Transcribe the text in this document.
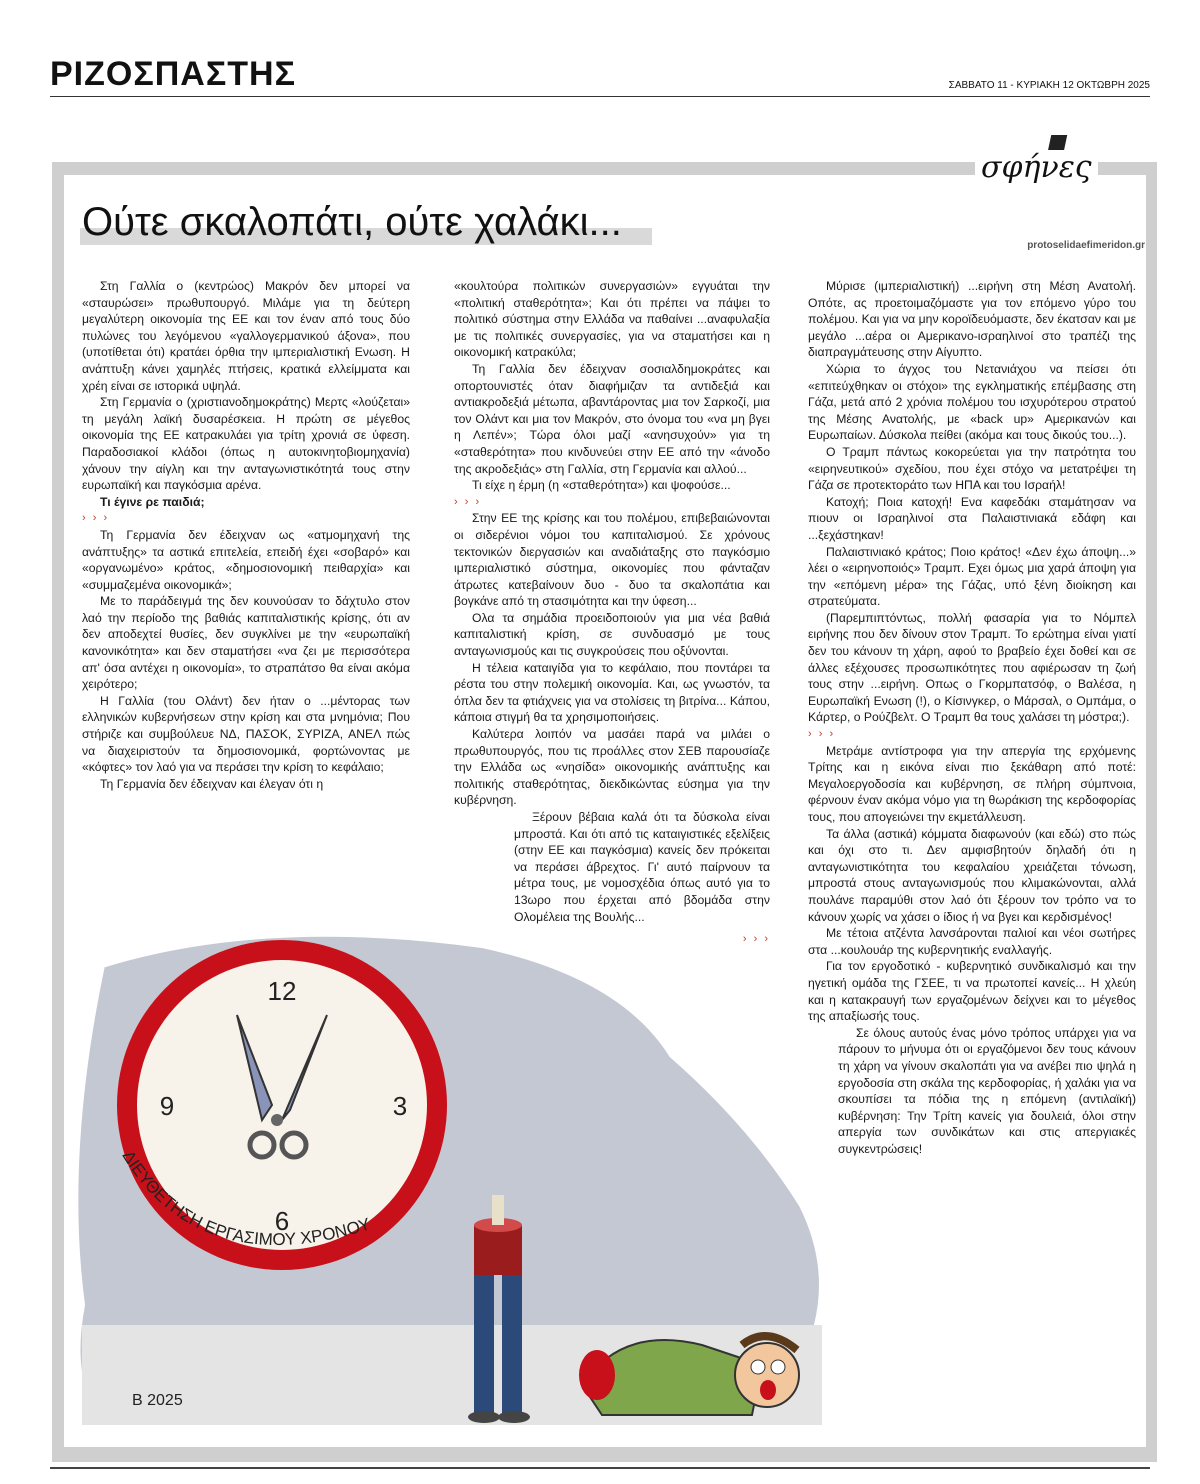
ΡΙΖΟΣΠΑΣΤΗΣ	ΣΑΒΒΑΤΟ 11 - ΚΥΡΙΑΚΗ 12 ΟΚΤΩΒΡΗ 2025
σφήνες
Ούτε σκαλοπάτι, ούτε χαλάκι...
protoselidaefimeridon.gr

Στη Γαλλία ο (κεντρώος) Μακρόν δεν μπορεί να «σταυρώσει» πρωθυπουργό. Μιλάμε για τη δεύτερη μεγαλύτερη οικονομία της ΕΕ και τον έναν από τους δύο πυλώνες του λεγόμενου «γαλλογερμανικού άξονα», που (υποτίθεται ότι) κρατάει όρθια την ιμπεριαλιστική Ενωση. Η ανάπτυξη κάνει χαμηλές πτήσεις, κρατικά ελλείμματα και χρέη είναι σε ιστορικά υψηλά.

Στη Γερμανία ο (χριστιανοδημοκράτης) Μερτς «λούζεται» τη μεγάλη λαϊκή δυσαρέσκεια. Η πρώτη σε μέγεθος οικονομία της ΕΕ κατρακυλάει για τρίτη χρονιά σε ύφεση. Παραδοσιακοί κλάδοι (όπως η αυτοκινητοβιομηχανία) χάνουν την αίγλη και την ανταγωνιστικότητά τους στην ευρωπαϊκή και παγκόσμια αρένα.

Τι έγινε ρε παιδιά;

› › ›

Τη Γερμανία δεν έδειχναν ως «ατμομηχανή της ανάπτυξης» τα αστικά επιτελεία, επειδή έχει «σοβαρό» και «οργανωμένο» κράτος, «δημοσιονομική πειθαρχία» και «συμμαζεμένα οικονομικά»;

Με το παράδειγμά της δεν κουνούσαν το δάχτυλο στον λαό την περίοδο της βαθιάς καπιταλιστικής κρίσης, ότι αν δεν αποδεχτεί θυσίες, δεν συγκλίνει με την «ευρωπαϊκή κανονικότητα» και δεν σταματήσει «να ζει με περισσότερα απ' όσα αντέχει η οικονομία», το στραπάτσο θα είναι ακόμα χειρότερο;

Η Γαλλία (του Ολάντ) δεν ήταν ο ...μέντορας των ελληνικών κυβερνήσεων στην κρίση και στα μνημόνια; Που στήριζε και συμβούλευε ΝΔ, ΠΑΣΟΚ, ΣΥΡΙΖΑ, ΑΝΕΛ πώς να διαχειριστούν τα δημοσιονομικά, φορτώνοντας με «κόφτες» τον λαό για να περάσει την κρίση το κεφάλαιο;

Τη Γερμανία δεν έδειχναν και έλεγαν ότι η

«κουλτούρα πολιτικών συνεργασιών» εγγυάται την «πολιτική σταθερότητα»; Και ότι πρέπει να πάψει το πολιτικό σύστημα στην Ελλάδα να παθαίνει ...αναφυλαξία με τις πολιτικές συνεργασίες, για να σταματήσει και η οικονομική κατρακύλα;

Τη Γαλλία δεν έδειχναν σοσιαλδημοκράτες και οπορτουνιστές όταν διαφήμιζαν τα αντιδεξιά και αντιακροδεξιά μέτωπα, αβαντάροντας μια τον Σαρκοζί, μια τον Ολάντ και μια τον Μακρόν, στο όνομα του «να μη βγει η Λεπέν»; Τώρα όλοι μαζί «ανησυχούν» για τη «σταθερότητα» που κινδυνεύει στην ΕΕ από την «άνοδο της ακροδεξιάς» στη Γαλλία, στη Γερμανία και αλλού...

Τι είχε η έρμη (η «σταθερότητα») και ψοφούσε...

› › ›

Στην ΕΕ της κρίσης και του πολέμου, επιβεβαιώνονται οι σιδερένιοι νόμοι του καπιταλισμού. Σε χρόνους τεκτονικών διεργασιών και αναδιάταξης στο παγκόσμιο ιμπεριαλιστικό σύστημα, οικονομίες που φάνταζαν άτρωτες κατεβαίνουν δυο - δυο τα σκαλοπάτια και βογκάνε από τη στασιμότητα και την ύφεση...

Ολα τα σημάδια προειδοποιούν για μια νέα βαθιά καπιταλιστική κρίση, σε συνδυασμό με τους ανταγωνισμούς και τις συγκρούσεις που οξύνονται.

Η τέλεια καταιγίδα για το κεφάλαιο, που ποντάρει τα ρέστα του στην πολεμική οικονομία. Και, ως γνωστόν, τα όπλα δεν τα φτιάχνεις για να στολίσεις τη βιτρίνα... Κάπου, κάποια στιγμή θα τα χρησιμοποιήσεις.

Καλύτερα λοιπόν να μασάει παρά να μιλάει ο πρωθυπουργός, που τις προάλλες στον ΣΕΒ παρουσίαζε την Ελλάδα ως «νησίδα» οικονομικής ανάπτυξης και πολιτικής σταθερότητας, διεκδικώντας εύσημα για την κυβέρνηση.

Ξέρουν βέβαια καλά ότι τα δύσκολα είναι μπροστά. Και ότι από τις καταιγιστικές εξελίξεις (στην ΕΕ και παγκόσμια) κανείς δεν πρόκειται να περάσει άβρεχτος. Γι' αυτό παίρνουν τα μέτρα τους, με νομοσχέδια όπως αυτό για το 13ωρο που έρχεται από βδομάδα στην Ολομέλεια της Βουλής...

› › ›

Μύρισε (ιμπεριαλιστική) ...ειρήνη στη Μέση Ανατολή. Οπότε, ας προετοιμαζόμαστε για τον επόμενο γύρο του πολέμου. Και για να μην κοροϊδευόμαστε, δεν έκατσαν και με μεγάλο ...αέρα οι Αμερικανο-ισραηλινοί στο τραπέζι της διαπραγμάτευσης στην Αίγυπτο.

Χώρια το άγχος του Νετανιάχου να πείσει ότι «επιτεύχθηκαν οι στόχοι» της εγκληματικής επέμβασης στη Γάζα, μετά από 2 χρόνια πολέμου του ισχυρότερου στρατού της Μέσης Ανατολής, με «back up» Αμερικανών και Ευρωπαίων. Δύσκολα πείθει (ακόμα και τους δικούς του...).

Ο Τραμπ πάντως κοκορεύεται για την πατρότητα του «ειρηνευτικού» σχεδίου, που έχει στόχο να μετατρέψει τη Γάζα σε προτεκτοράτο των ΗΠΑ και του Ισραήλ!

Κατοχή; Ποια κατοχή! Ενα καφεδάκι σταμάτησαν να πιουν οι Ισραηλινοί στα Παλαιστινιακά εδάφη και ...ξεχάστηκαν!

Παλαιστινιακό κράτος; Ποιο κράτος! «Δεν έχω άποψη...» λέει ο «ειρηνοποιός» Τραμπ. Εχει όμως μια χαρά άποψη για την «επόμενη μέρα» της Γάζας, υπό ξένη διοίκηση και στρατεύματα.

(Παρεμπιπτόντως, πολλή φασαρία για το Νόμπελ ειρήνης που δεν δίνουν στον Τραμπ. Το ερώτημα είναι γιατί δεν του κάνουν τη χάρη, αφού το βραβείο έχει δοθεί και σε άλλες εξέχουσες προσωπικότητες που αφιέρωσαν τη ζωή τους στην ...ειρήνη. Οπως ο Γκορμπατσόφ, ο Βαλέσα, η Ευρωπαϊκή Ενωση (!), ο Κίσινγκερ, ο Μάρσαλ, ο Ομπάμα, ο Κάρτερ, ο Ρούζβελτ. Ο Τραμπ θα τους χαλάσει τη μόστρα;).

› › ›

Μετράμε αντίστροφα για την απεργία της ερχόμενης Τρίτης και η εικόνα είναι πιο ξεκάθαρη από ποτέ: Μεγαλοεργοδοσία και κυβέρνηση, σε πλήρη σύμπνοια, φέρνουν έναν ακόμα νόμο για τη θωράκιση της κερδοφορίας τους, που απογειώνει την εκμετάλλευση.

Τα άλλα (αστικά) κόμματα διαφωνούν (και εδώ) στο πώς και όχι στο τι. Δεν αμφισβητούν δηλαδή ότι η ανταγωνιστικότητα του κεφαλαίου χρειάζεται τόνωση, μπροστά στους ανταγωνισμούς που κλιμακώνονται, αλλά πουλάνε παραμύθι στον λαό ότι ξέρουν τον τρόπο να το κάνουν χωρίς να χάσει ο ίδιος ή να βγει και κερδισμένος!

Με τέτοια ατζέντα λανσάρονται παλιοί και νέοι σωτήρες στα ...κουλουάρ της κυβερνητικής εναλλαγής.

Για τον εργοδοτικό - κυβερνητικό συνδικαλισμό και την ηγετική ομάδα της ΓΣΕΕ, τι να πρωτοπεί κανείς... Η χλεύη και η κατακραυγή των εργαζομένων δείχνει και το μέγεθος της απαξίωσής τους.

Σε όλους αυτούς ένας μόνο τρόπος υπάρχει για να πάρουν το μήνυμα ότι οι εργαζόμενοι δεν τους κάνουν τη χάρη να γίνουν σκαλοπάτι για να ανέβει πιο ψηλά η εργοδοσία στη σκάλα της κερδοφορίας, ή χαλάκι για να σκουπίσει τα πόδια της η επόμενη (αντιλαϊκή) κυβέρνηση: Την Τρίτη κανείς για δουλειά, όλοι στην απεργία των συνδικάτων και στις απεργιακές συγκεντρώσεις!

12
3
6
9
ΔΙΕΥΘΕΤΗΣΗ ΕΡΓΑΣΙΜΟΥ ΧΡΟΝΟΥ
Β 2025
